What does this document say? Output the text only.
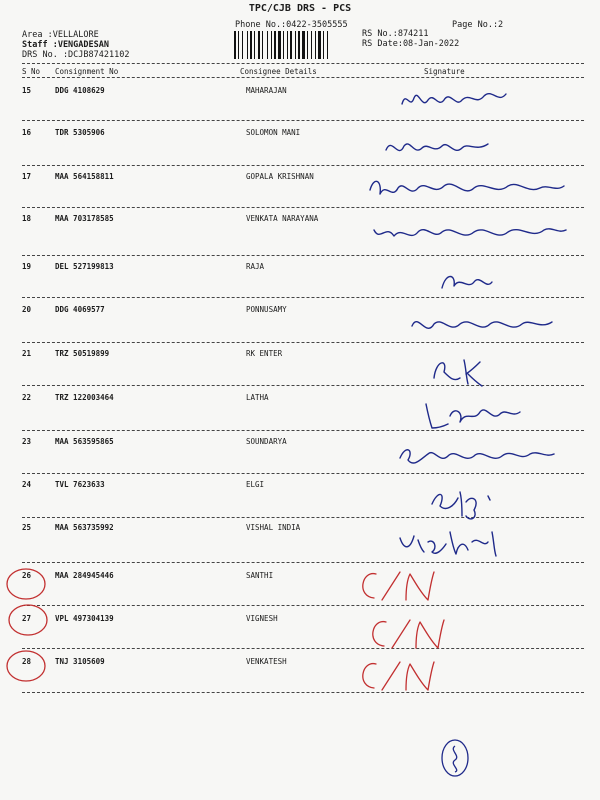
TPC/CJB DRS - PCS
Phone No.:0422-3505555	Page No.:2
RS No.:874211
RS Date:08-Jan-2022
Area :VELLALORE
Staff :VENGADESAN
DRS No. :DCJB87421102
S No Consignment No	Consignee Details	Signature
15	DDG 4108629	MAHARAJAN
16	TDR 5305906	SOLOMON MANI
17	MAA 564158811	GOPALA KRISHNAN
18	MAA 703178585	VENKATA NARAYANA
19	DEL 527199813	RAJA
20	DDG 4069577	PONNUSAMY
21	TRZ 50519899	RK ENTER
22	TRZ 122003464	LATHA
23	MAA 563595865	SOUNDARYA
24	TVL 7623633	ELGI
25	MAA 563735992	VISHAL INDIA
26	MAA 284945446	SANTHI
27	VPL 497304139	VIGNESH
28	TNJ 3105609	VENKATESH
